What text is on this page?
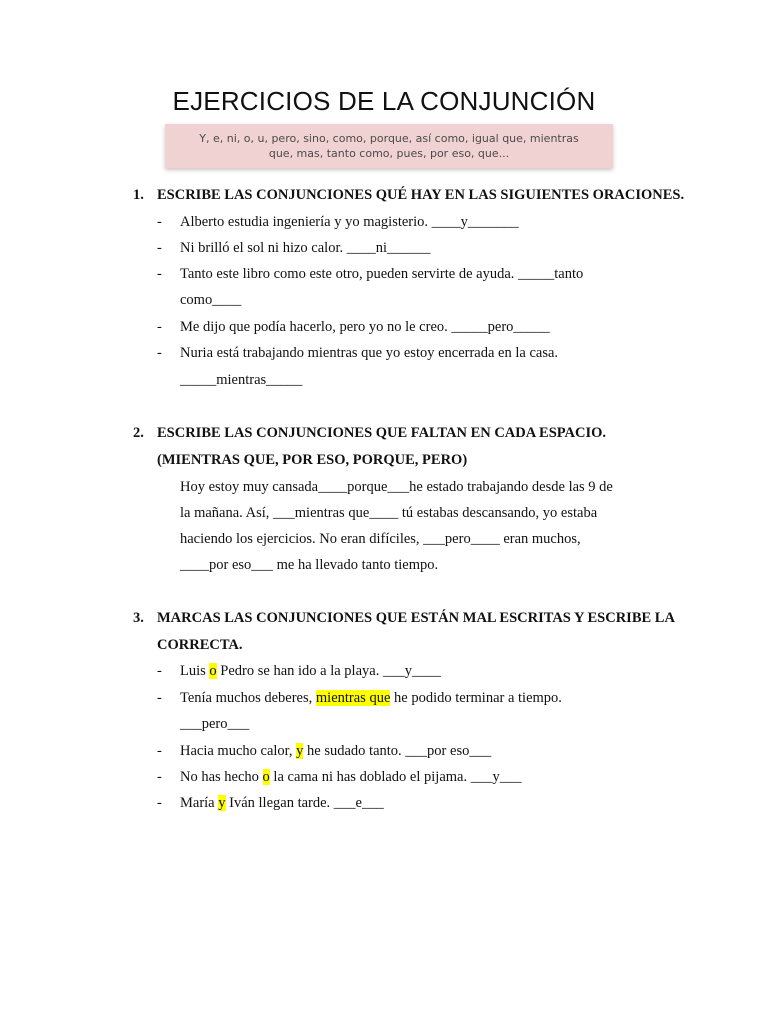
EJERCICIOS DE LA CONJUNCIÓN
Y, e, ni, o, u, pero, sino, como, porque, así como, igual que, mientras
que, mas, tanto como, pues, por eso, que...
1. ESCRIBE LAS CONJUNCIONES QUÉ HAY EN LAS SIGUIENTES ORACIONES.
- Alberto estudia ingeniería y yo magisterio. ____y_______
- Ni brilló el sol ni hizo calor. ____ni______
- Tanto este libro como este otro, pueden servirte de ayuda. _____tanto
como____
- Me dijo que podía hacerlo, pero yo no le creo. _____pero_____
- Nuria está trabajando mientras que yo estoy encerrada en la casa.
_____mientras_____
2. ESCRIBE LAS CONJUNCIONES QUE FALTAN EN CADA ESPACIO.
(MIENTRAS QUE, POR ESO, PORQUE, PERO)
Hoy estoy muy cansada____porque___he estado trabajando desde las 9 de
la mañana. Así, ___mientras que____ tú estabas descansando, yo estaba
haciendo los ejercicios. No eran difíciles, ___pero____ eran muchos,
____por eso___ me ha llevado tanto tiempo.
3. MARCAS LAS CONJUNCIONES QUE ESTÁN MAL ESCRITAS Y ESCRIBE LA
CORRECTA.
- Luis o Pedro se han ido a la playa. ___y____
- Tenía muchos deberes, mientras que he podido terminar a tiempo.
___pero___
- Hacia mucho calor, y he sudado tanto. ___por eso___
- No has hecho o la cama ni has doblado el pijama. ___y___
- María y Iván llegan tarde. ___e___
